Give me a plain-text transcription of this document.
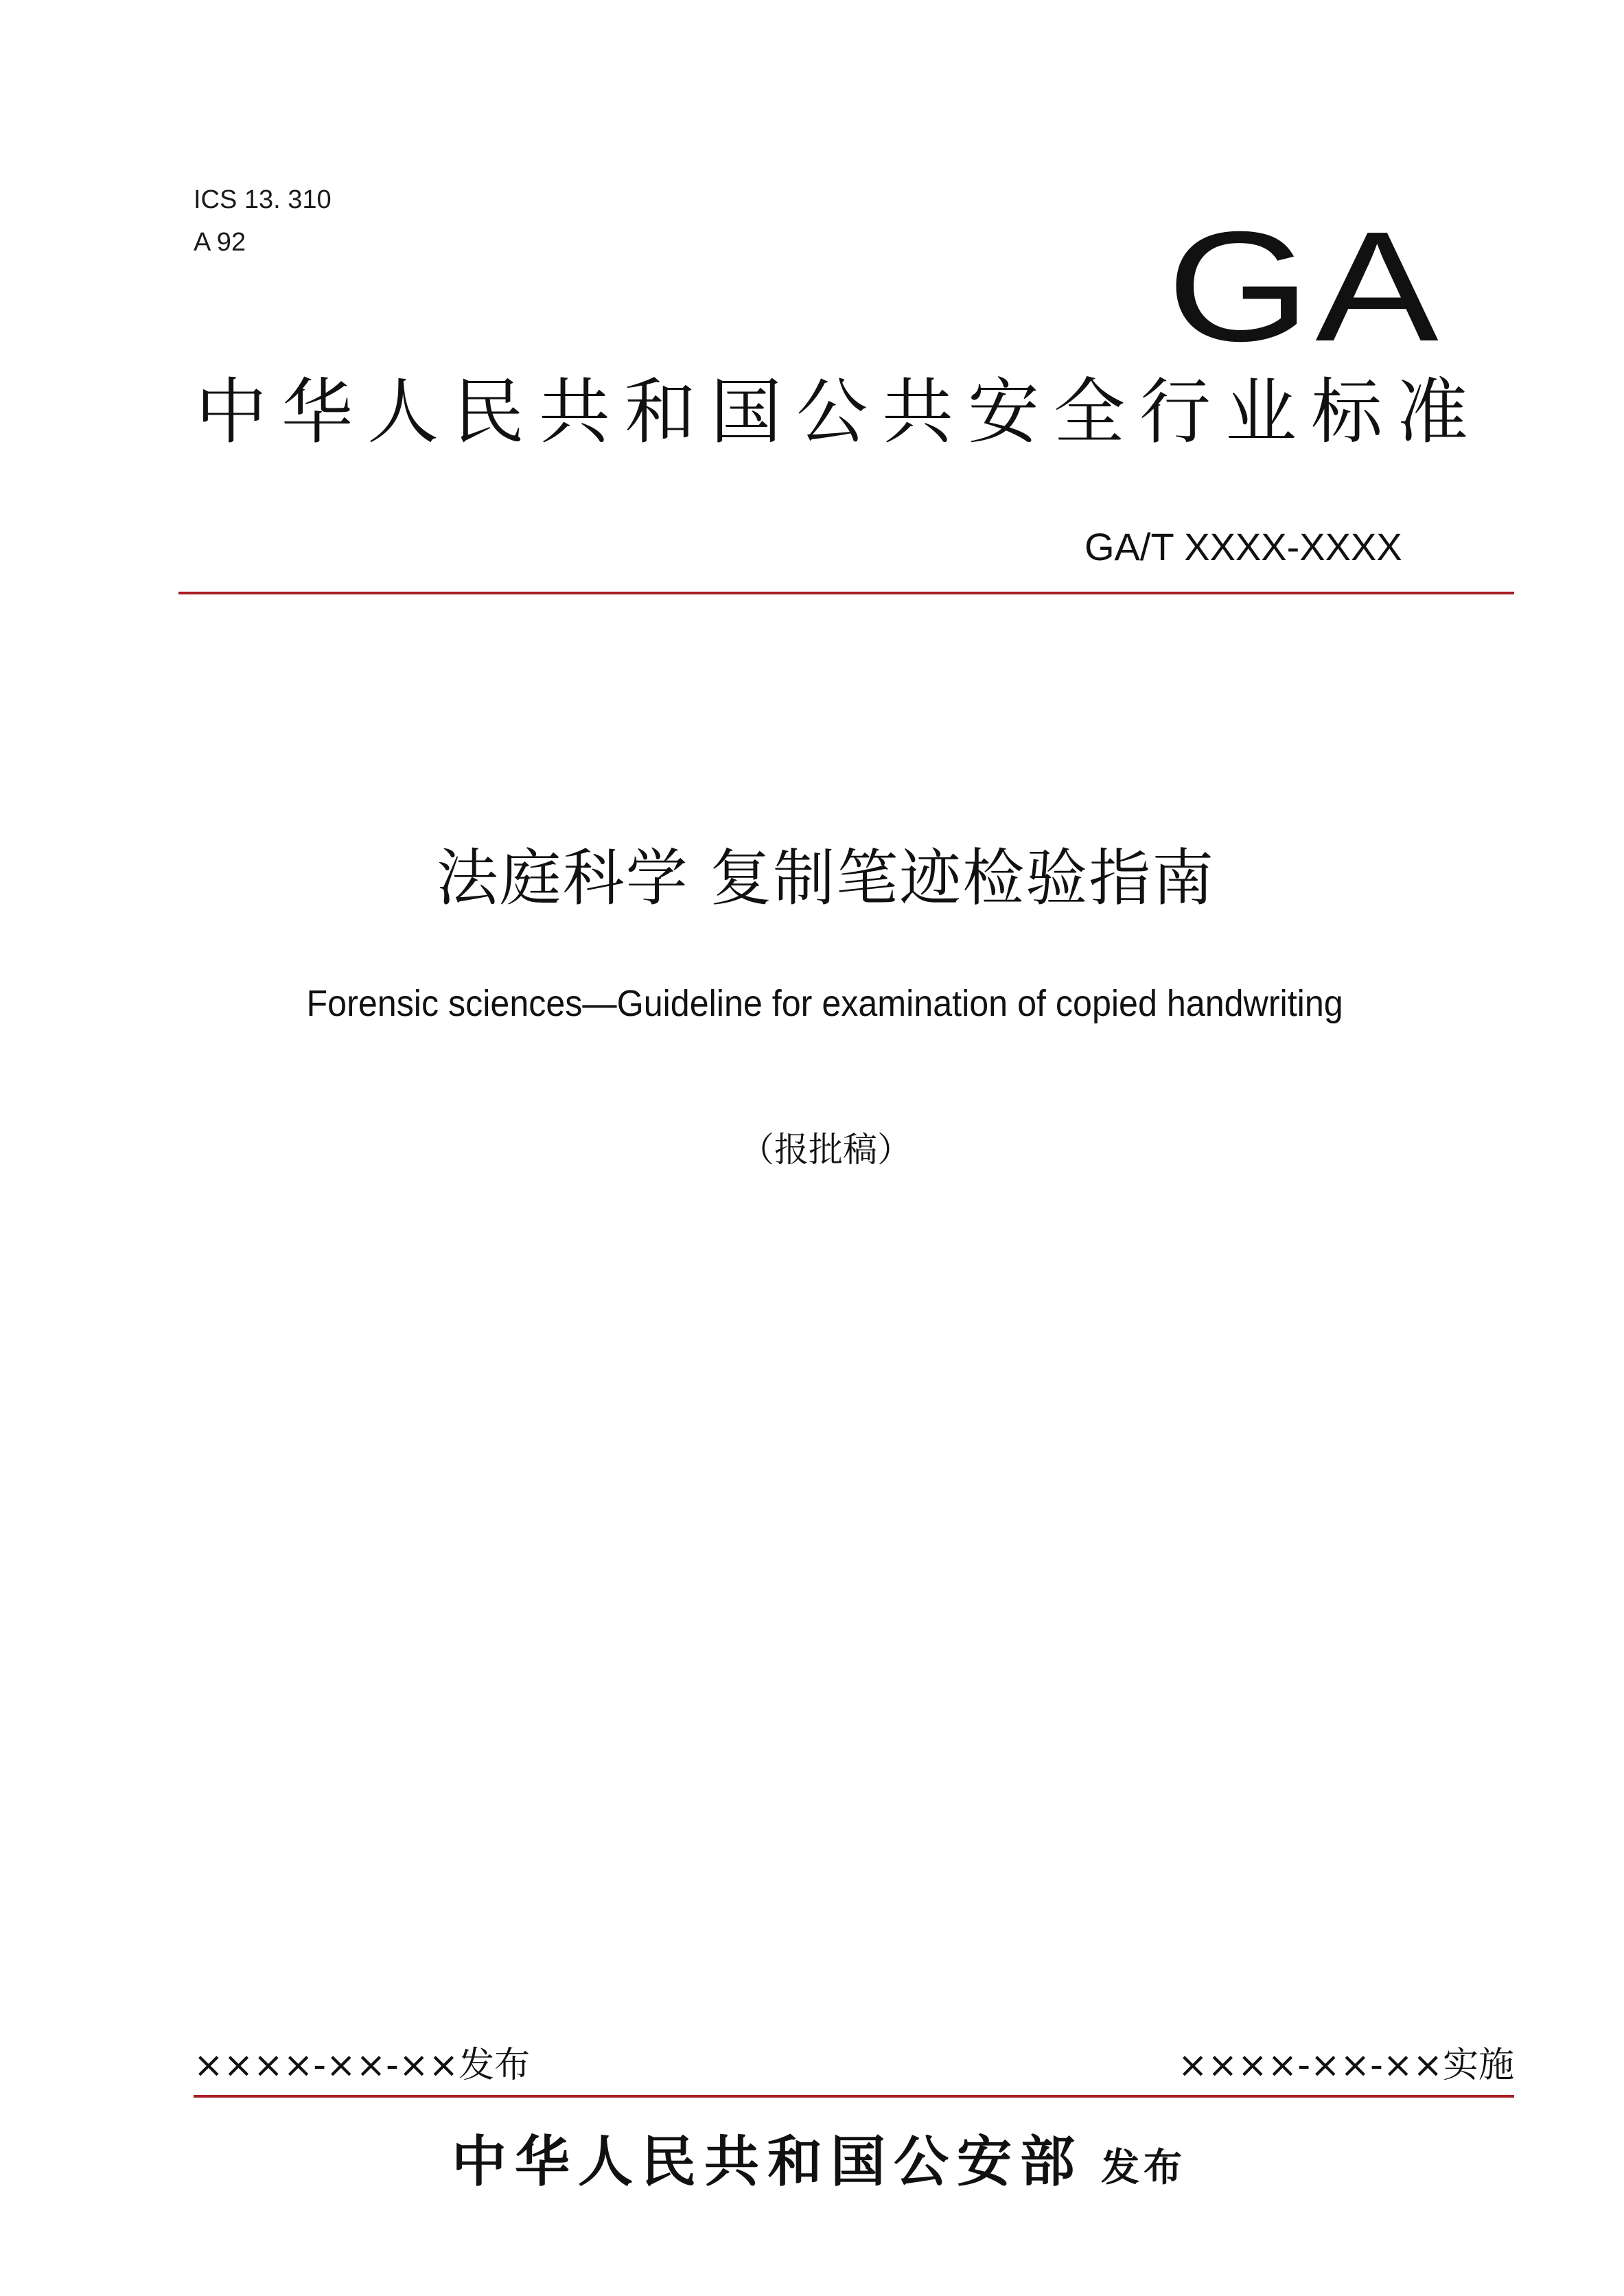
ICS 13. 310
A 92	GA
中华人民共和国公共安全行业标准
GA/T XXXX-XXXX
法庭科学 复制笔迹检验指南
Forensic sciences—Guideline for examination of copied handwriting
（报批稿）
××××-××-××发布	××××-××-××实施
中华人民共和国公安部 发布
